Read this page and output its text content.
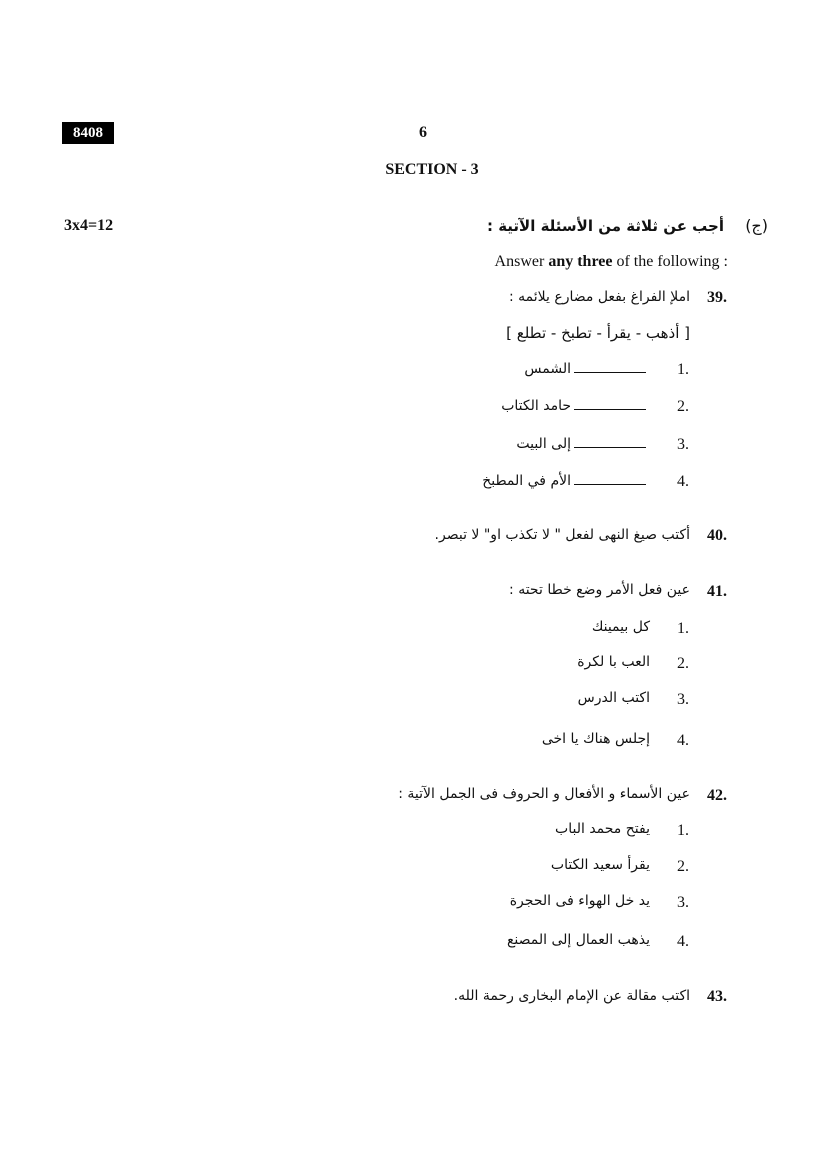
8408	6
SECTION - 3
3x4=12	(ج)
أجب عن ثلاثة من الأسئلة الآتية :
Answer any three of the following :
39.
املإ الفراغ بفعل مضارع يلائمه :
[ أذهب - يقرأ - تطبخ - تطلع ]
1.
الشمس
2.
حامد الكتاب
3.
إلى البيت
4.
الأم في المطبخ
40.
أكتب صيغ النهى لفعل " لا تكذب او" لا تبصر.
41.
عين فعل الأمر وضع خطا تحته :
1.
كل بيمينك
2.
العب با لكرة
3.
اكتب الدرس
4.
إجلس هناك يا اخى
42.
عين الأسماء و الأفعال و الحروف فى الجمل الآتية :
1.
يفتح محمد الباب
2.
يقرأ سعيد الكتاب
3.
يد خل الهواء فى الحجرة
4.
يذهب العمال إلى المصنع
43.
اكتب مقالة عن الإمام البخارى رحمة الله.
